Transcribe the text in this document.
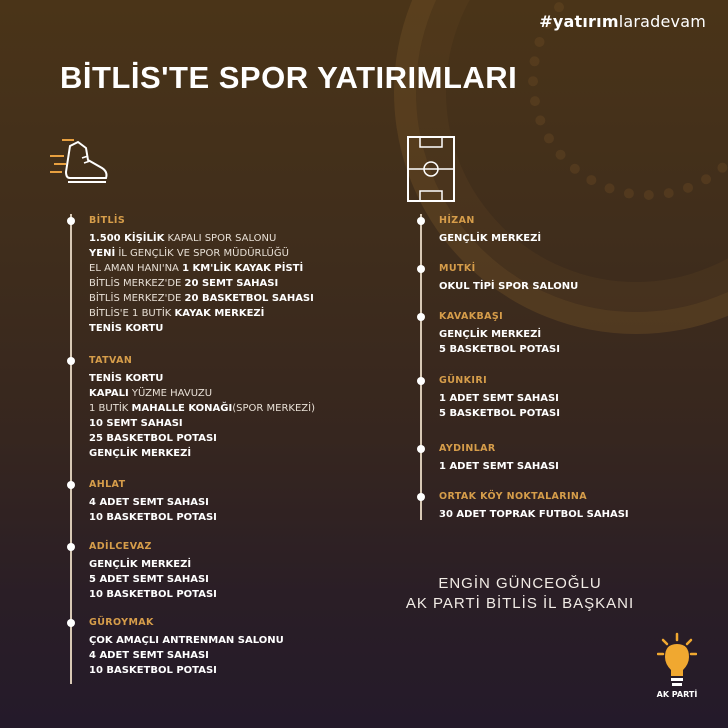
#yatırımlaradevam
BİTLİS'TE SPOR YATIRIMLARI
BİTLİS
1.500 KİŞİLİK KAPALI SPOR SALONU
YENİ İL GENÇLİK VE SPOR MÜDÜRLÜĞÜ
EL AMAN HANI'NA 1 KM'LİK KAYAK PİSTİ
BİTLİS MERKEZ'DE 20 SEMT SAHASI
BİTLİS MERKEZ'DE 20 BASKETBOL SAHASI
BİTLİS'E 1 BUTİK KAYAK MERKEZİ
TENİS KORTU
TATVAN
TENİS KORTU
KAPALI YÜZME HAVUZU
1 BUTİK MAHALLE KONAĞI(SPOR MERKEZİ)
10 SEMT SAHASI
25 BASKETBOL POTASI
GENÇLİK MERKEZİ
AHLAT
4 ADET SEMT SAHASI
10 BASKETBOL POTASI
ADİLCEVAZ
GENÇLİK MERKEZİ
5 ADET SEMT SAHASI
10 BASKETBOL POTASI
GÜROYMAK
ÇOK AMAÇLI ANTRENMAN SALONU
4 ADET SEMT SAHASI
10 BASKETBOL POTASI
HİZAN
GENÇLİK MERKEZİ
MUTKİ
OKUL TİPİ SPOR SALONU
KAVAKBAŞI
GENÇLİK MERKEZİ
5 BASKETBOL POTASI
GÜNKIRI
1 ADET SEMT SAHASI
5 BASKETBOL POTASI
AYDINLAR
1 ADET SEMT SAHASI
ORTAK KÖY NOKTALARINA
30 ADET TOPRAK FUTBOL SAHASI
ENGİN GÜNCEOĞLU
AK PARTİ BİTLİS İL BAŞKANI
AK PARTİ
